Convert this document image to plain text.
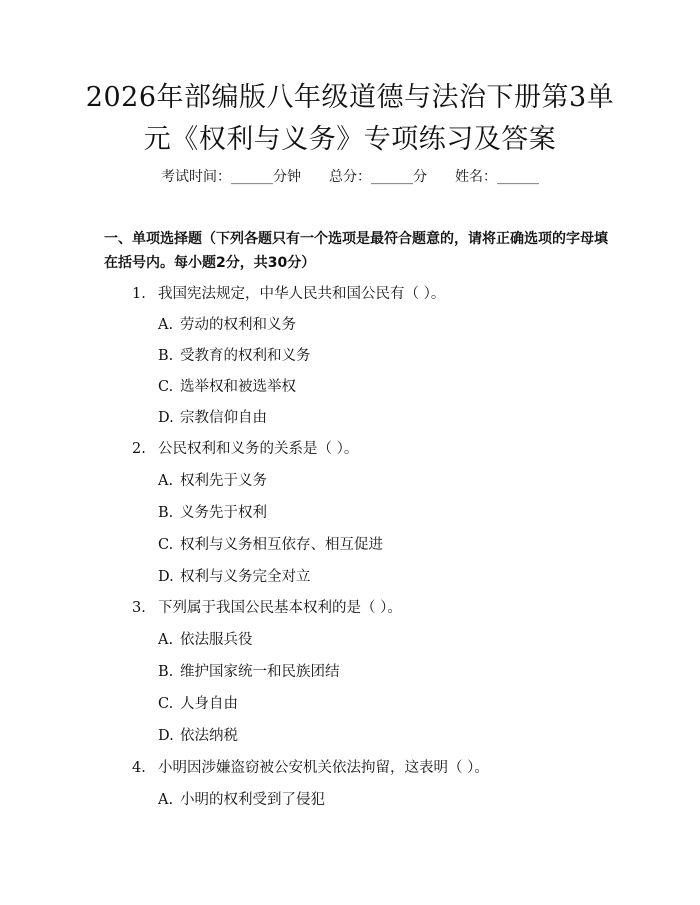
2026年部编版八年级道德与法治下册第3单
元《权利与义务》专项练习及答案
考试时间：______分钟 总分：______分 姓名：______

一、单项选择题（下列各题只有一个选项是最符合题意的，请将正确选项的字母填在括号内。每小题2分，共30分）

1. 我国宪法规定，中华人民共和国公民有（ ）。
A. 劳动的权利和义务
B. 受教育的权利和义务
C. 选举权和被选举权
D. 宗教信仰自由
2. 公民权利和义务的关系是（ ）。
A. 权利先于义务
B. 义务先于权利
C. 权利与义务相互依存、相互促进
D. 权利与义务完全对立
3. 下列属于我国公民基本权利的是（ ）。
A. 依法服兵役
B. 维护国家统一和民族团结
C. 人身自由
D. 依法纳税
4. 小明因涉嫌盗窃被公安机关依法拘留，这表明（ ）。
A. 小明的权利受到了侵犯
